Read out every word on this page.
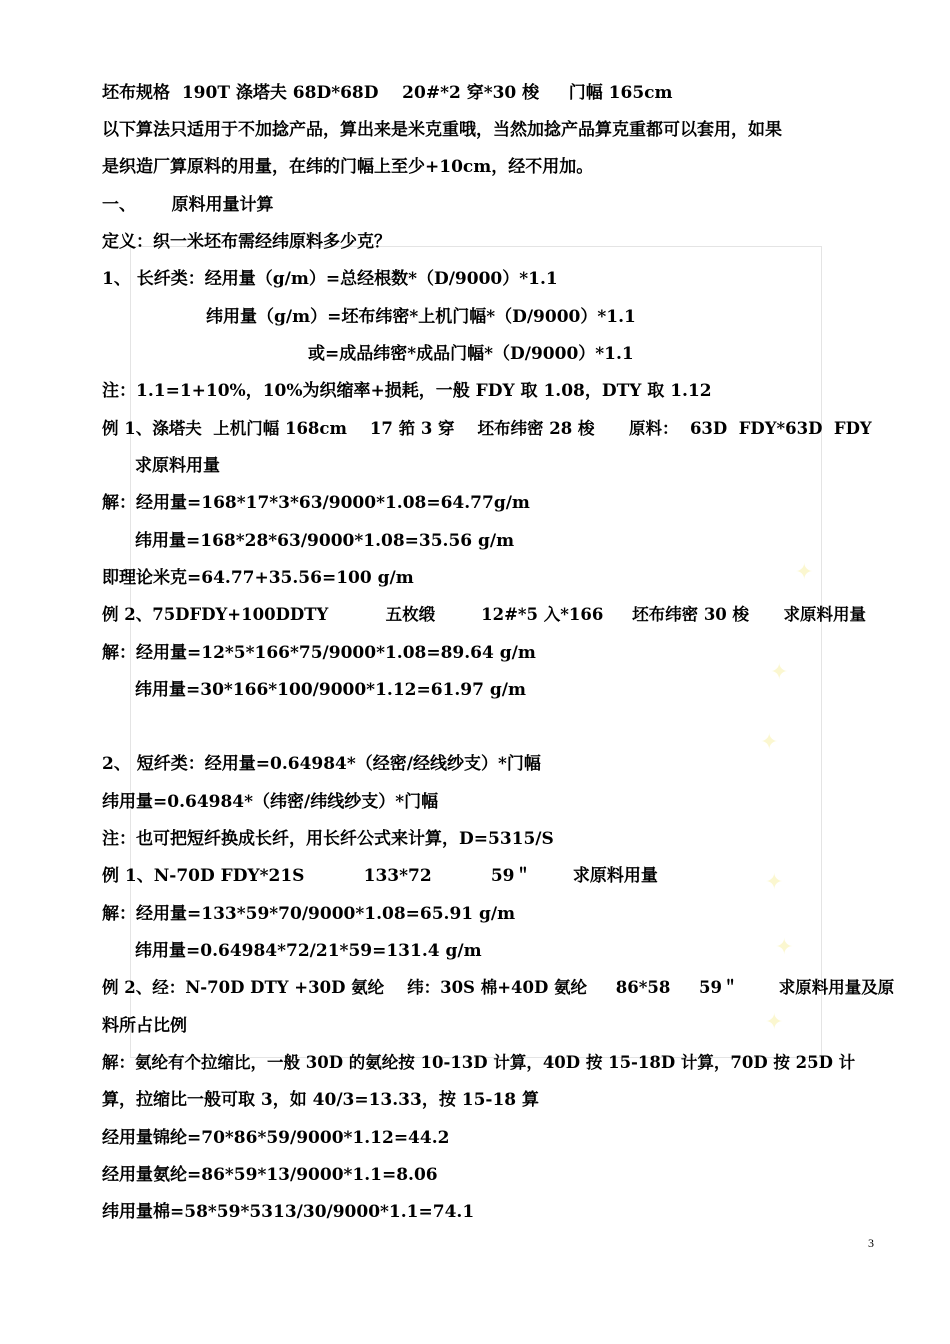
✦
✦
✦
✦
✦
✦
坯布规格  190T 涤塔夫 68D*68D    20#*2 穿*30 梭     门幅 165cm
以下算法只适用于不加捻产品，算出来是米克重哦，当然加捻产品算克重都可以套用，如果
是织造厂算原料的用量，在纬的门幅上至少+10cm，经不用加。
一、      原料用量计算
定义：织一米坯布需经纬原料多少克？
1、 长纤类：经用量（g/m）=总经根数*（D/9000）*1.1
纬用量（g/m）=坯布纬密*上机门幅*（D/9000）*1.1
或=成品纬密*成品门幅*（D/9000）*1.1
注：1.1=1+10%，10%为织缩率+损耗，一般 FDY 取 1.08，DTY 取 1.12
例 1、涤塔夫  上机门幅 168cm    17 筘 3 穿    坯布纬密 28 梭      原料：  63D  FDY*63D  FDY
求原料用量
解：经用量=168*17*3*63/9000*1.08=64.77g/m
纬用量=168*28*63/9000*1.08=35.56 g/m
即理论米克=64.77+35.56=100 g/m
例 2、75DFDY+100DDTY          五枚缎        12#*5 入*166     坯布纬密 30 梭      求原料用量
解：经用量=12*5*166*75/9000*1.08=89.64 g/m
纬用量=30*166*100/9000*1.12=61.97 g/m
2、 短纤类：经用量=0.64984*（经密/经线纱支）*门幅
纬用量=0.64984*（纬密/纬线纱支）*门幅
注：也可把短纤换成长纤，用长纤公式来计算，D=5315/S
例 1、N-70D FDY*21S          133*72          59＂       求原料用量
解：经用量=133*59*70/9000*1.08=65.91 g/m
纬用量=0.64984*72/21*59=131.4 g/m
例 2、经：N-70D DTY +30D 氨纶    纬：30S 棉+40D 氨纶     86*58     59＂       求原料用量及原
料所占比例
解：氨纶有个拉缩比，一般 30D 的氨纶按 10-13D 计算，40D 按 15-18D 计算，70D 按 25D 计
算，拉缩比一般可取 3，如 40/3=13.33，按 15-18 算
经用量锦纶=70*86*59/9000*1.12=44.2
经用量氨纶=86*59*13/9000*1.1=8.06
纬用量棉=58*59*5313/30/9000*1.1=74.1
3
